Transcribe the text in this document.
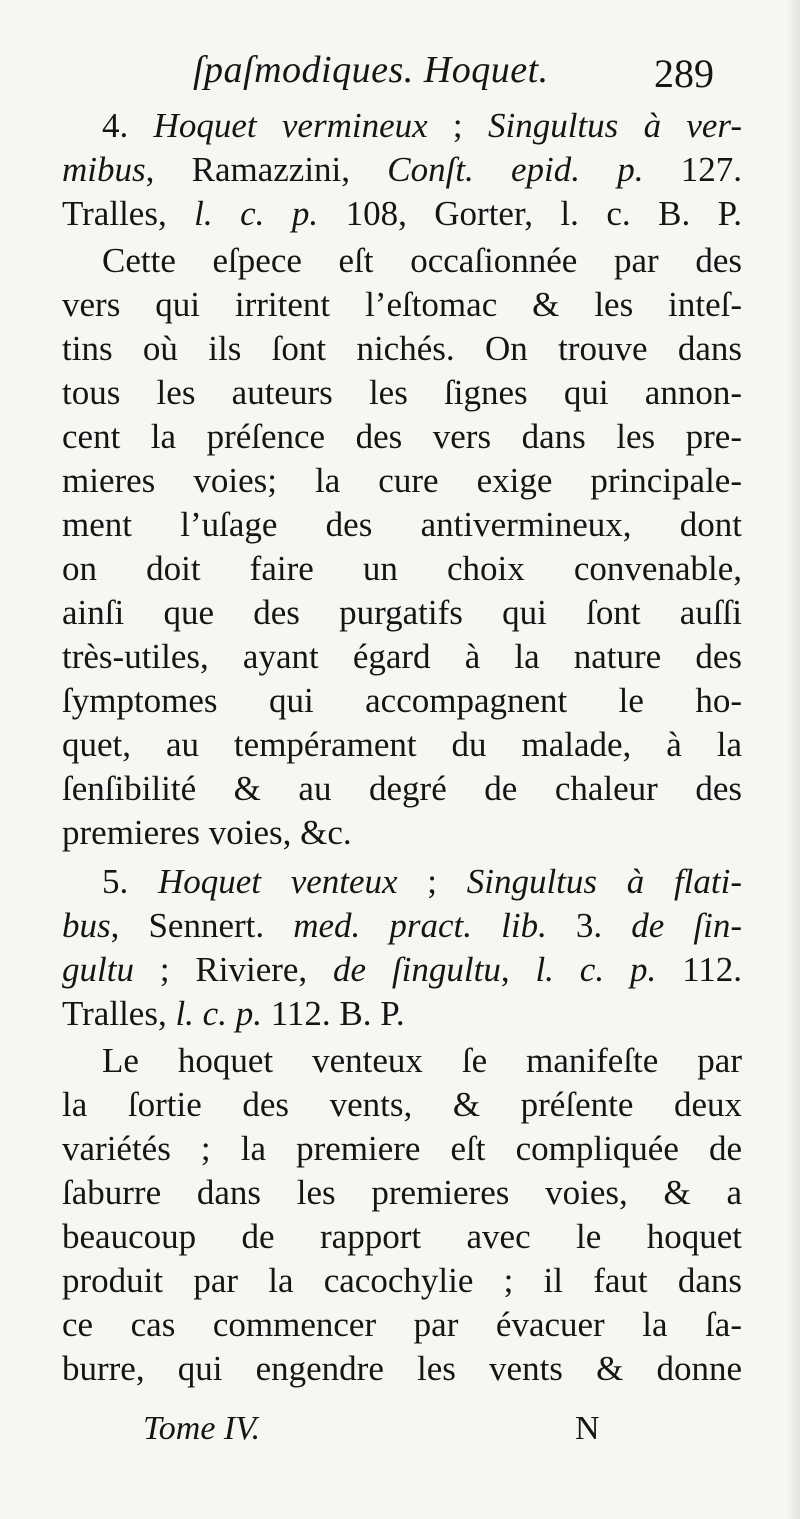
ſpaſmodiques. Hoquet.	289
4. Hoquet vermineux ; Singultus à ver-
mibus, Ramazzini, Conſt. epid. p. 127.
Tralles, l. c. p. 108, Gorter, l. c. B. P.
Cette eſpece eſt occaſionnée par des
vers qui irritent l’eſtomac & les inteſ-
tins où ils ſont nichés. On trouve dans
tous les auteurs les ſignes qui annon-
cent la préſence des vers dans les pre-
mieres voies; la cure exige principale-
ment l’uſage des antivermineux, dont
on doit faire un choix convenable,
ainſi que des purgatifs qui ſont auſſi
très-utiles, ayant égard à la nature des
ſymptomes qui accompagnent le ho-
quet, au tempérament du malade, à la
ſenſibilité & au degré de chaleur des
premieres voies, &c.
5. Hoquet venteux ; Singultus à flati-
bus, Sennert. med. pract. lib. 3. de ſin-
gultu ; Riviere, de ſingultu, l. c. p. 112.
Tralles, l. c. p. 112. B. P.
Le hoquet venteux ſe manifeſte par
la ſortie des vents, & préſente deux
variétés ; la premiere eſt compliquée de
ſaburre dans les premieres voies, & a
beaucoup de rapport avec le hoquet
produit par la cacochylie ; il faut dans
ce cas commencer par évacuer la ſa-
burre, qui engendre les vents & donne
Tome IV.	N
